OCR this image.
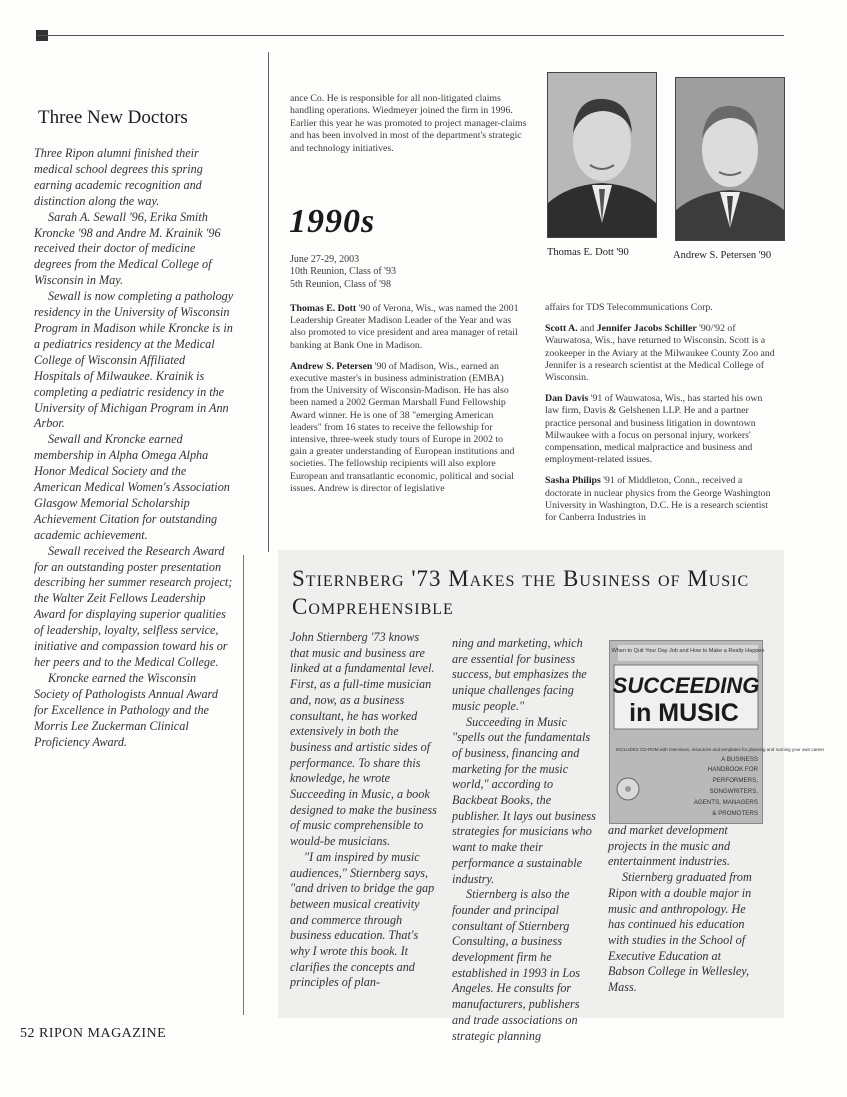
Three New Doctors

Three Ripon alumni finished their medical school degrees this spring earning academic recognition and distinction along the way.

Sarah A. Sewall '96, Erika Smith Kroncke '98 and Andre M. Krainik '96 received their doctor of medicine degrees from the Medical College of Wisconsin in May.

Sewall is now completing a pathology residency in the University of Wisconsin Program in Madison while Kroncke is in a pediatrics residency at the Medical College of Wisconsin Affiliated Hospitals of Milwaukee. Krainik is completing a pediatric residency in the University of Michigan Program in Ann Arbor.

Sewall and Kroncke earned membership in Alpha Omega Alpha Honor Medical Society and the American Medical Women's Association Glasgow Memorial Scholarship Achievement Citation for outstanding academic achievement.

Sewall received the Research Award for an outstanding poster presentation describing her summer research project; the Walter Zeit Fellows Leadership Award for displaying superior qualities of leadership, loyalty, selfless service, initiative and compassion toward his or her peers and to the Medical College.

Kroncke earned the Wisconsin Society of Pathologists Annual Award for Excellence in Pathology and the Morris Lee Zuckerman Clinical Proficiency Award.

ance Co. He is responsible for all non-litigated claims handling operations. Wiedmeyer joined the firm in 1996. Earlier this year he was promoted to project manager-claims and has been involved in most of the department's strategic and technology initiatives.
1990s
June 27-29, 2003
10th Reunion, Class of '93
5th Reunion, Class of '98

Thomas E. Dott '90 of Verona, Wis., was named the 2001 Leadership Greater Madison Leader of the Year and was also promoted to vice president and area manager of retail banking at Bank One in Madison.

Andrew S. Petersen '90 of Madison, Wis., earned an executive master's in business administration (EMBA) from the University of Wisconsin-Madison. He has also been named a 2002 German Marshall Fund Fellowship Award winner. He is one of 38 "emerging American leaders" from 16 states to receive the fellowship for intensive, three-week study tours of Europe in 2002 to gain a greater understanding of European institutions and societies. The fellowship recipients will also explore European and transatlantic economic, political and social issues. Andrew is director of legislative

Thomas E. Dott '90	Andrew S. Petersen '90

affairs for TDS Telecommunications Corp.

Scott A. and Jennifer Jacobs Schiller '90/'92 of Wauwatosa, Wis., have returned to Wisconsin. Scott is a zookeeper in the Aviary at the Milwaukee County Zoo and Jennifer is a research scientist at the Medical College of Wisconsin.

Dan Davis '91 of Wauwatosa, Wis., has started his own law firm, Davis & Gelshenen LLP. He and a partner practice personal and business litigation in downtown Milwaukee with a focus on personal injury, workers' compensation, medical malpractice and business and employment-related issues.

Sasha Philips '91 of Middleton, Conn., received a doctorate in nuclear physics from the George Washington University in Washington, D.C. He is a research scientist for Canberra Industries in

Stiernberg '73 Makes the Business of Music Comprehensible

John Stiernberg '73 knows that music and business are linked at a fundamental level. First, as a full-time musician and, now, as a business consultant, he has worked extensively in both the business and artistic sides of performance. To share this knowledge, he wrote Succeeding in Music, a book designed to make the business of music comprehensible to would-be musicians.

"I am inspired by music audiences," Stiernberg says, "and driven to bridge the gap between musical creativity and commerce through business education. That's why I wrote this book. It clarifies the concepts and principles of plan-

ning and marketing, which are essential for business success, but emphasizes the unique challenges facing music people."

Succeeding in Music "spells out the fundamentals of business, financing and marketing for the music world," according to Backbeat Books, the publisher. It lays out business strategies for musicians who want to make their performance a sustainable industry.

Stiernberg is also the founder and principal consultant of Stiernberg Consulting, a business development firm he established in 1993 in Los Angeles. He consults for manufacturers, publishers and trade associations on strategic planning

When to Quit Your Day Job and How to Make a Really Happen
SUCCEEDING
in MUSIC
INCLUDES CD-ROM with interviews, resources and templates for planning and running your own career
A BUSINESS
HANDBOOK FOR
PERFORMERS,
SONGWRITERS,
AGENTS, MANAGERS
& PROMOTERS

and market development projects in the music and entertainment industries.

Stiernberg graduated from Ripon with a double major in music and anthropology. He has continued his education with studies in the School of Executive Education at Babson College in Wellesley, Mass.

52 RIPON MAGAZINE
